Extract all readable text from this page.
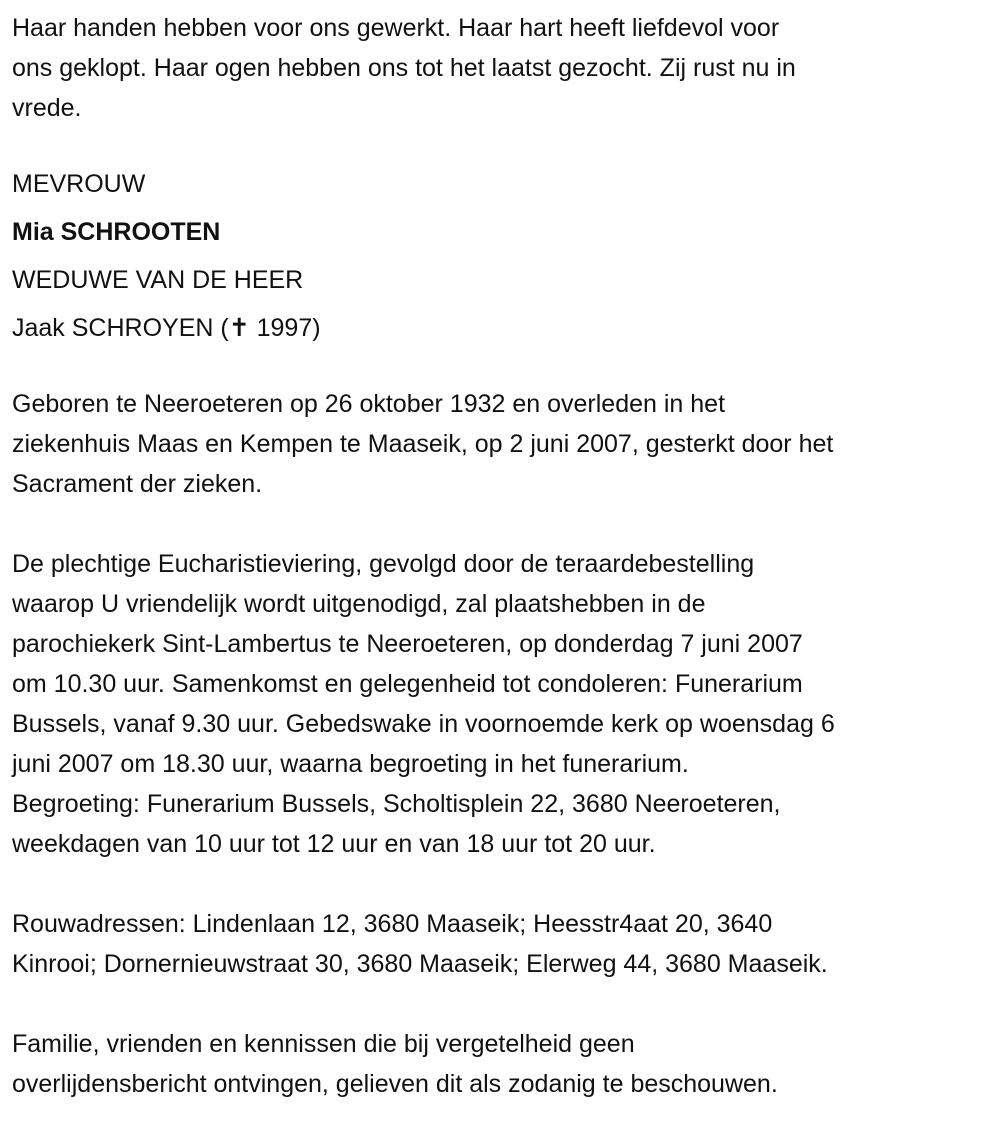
Haar handen hebben voor ons gewerkt. Haar hart heeft liefdevol voor
ons geklopt. Haar ogen hebben ons tot het laatst gezocht. Zij rust nu in
vrede.

MEVROUW
Mia SCHROOTEN
WEDUWE VAN DE HEER
Jaak SCHROYEN (✝ 1997)

Geboren te Neeroeteren op 26 oktober 1932 en overleden in het
ziekenhuis Maas en Kempen te Maaseik, op 2 juni 2007, gesterkt door het
Sacrament der zieken.

De plechtige Eucharistieviering, gevolgd door de teraardebestelling
waarop U vriendelijk wordt uitgenodigd, zal plaatshebben in de
parochiekerk Sint-Lambertus te Neeroeteren, op donderdag 7 juni 2007
om 10.30 uur. Samenkomst en gelegenheid tot condoleren: Funerarium
Bussels, vanaf 9.30 uur. Gebedswake in voornoemde kerk op woensdag 6
juni 2007 om 18.30 uur, waarna begroeting in het funerarium.
Begroeting: Funerarium Bussels, Scholtisplein 22, 3680 Neeroeteren,
weekdagen van 10 uur tot 12 uur en van 18 uur tot 20 uur.

Rouwadressen: Lindenlaan 12, 3680 Maaseik; Heesstr4aat 20, 3640
Kinrooi; Dornernieuwstraat 30, 3680 Maaseik; Elerweg 44, 3680 Maaseik.

Familie, vrienden en kennissen die bij vergetelheid geen
overlijdensbericht ontvingen, gelieven dit als zodanig te beschouwen.
